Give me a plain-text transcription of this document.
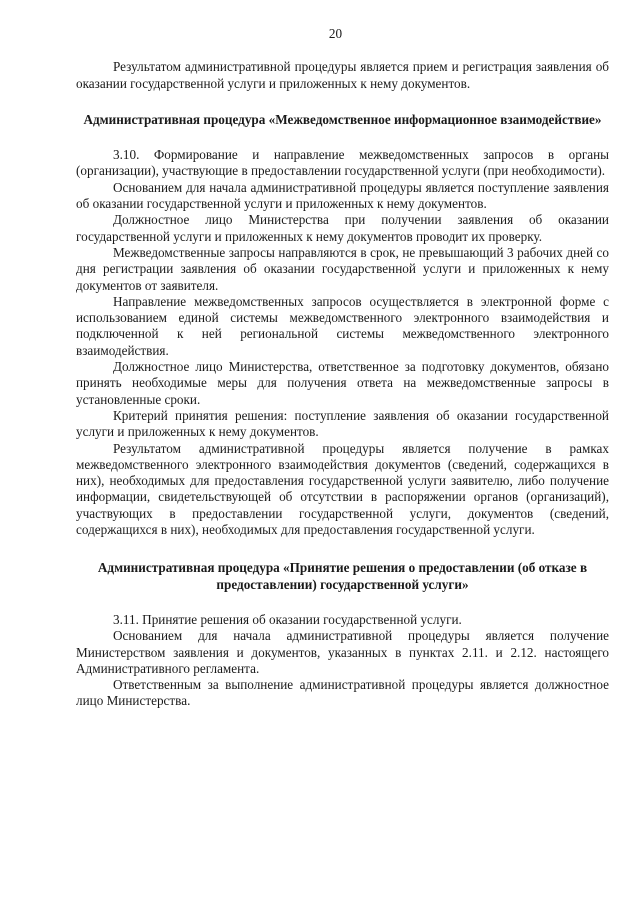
20

Результатом административной процедуры является прием и регистрация заявления об оказании государственной услуги и приложенных к нему документов.

Административная процедура «Межведомственное информационное взаимодействие»

3.10. Формирование и направление межведомственных запросов в органы (организации), участвующие в предоставлении государственной услуги (при необходимости).

Основанием для начала административной процедуры является поступление заявления об оказании государственной услуги и приложенных к нему документов.

Должностное лицо Министерства при получении заявления об оказании государственной услуги и приложенных к нему документов проводит их проверку.

Межведомственные запросы направляются в срок, не превышающий 3 рабочих дней со дня регистрации заявления об оказании государственной услуги и приложенных к нему документов от заявителя.

Направление межведомственных запросов осуществляется в электронной форме с использованием единой системы межведомственного электронного взаимодействия и подключенной к ней региональной системы межведомственного электронного взаимодействия.

Должностное лицо Министерства, ответственное за подготовку документов, обязано принять необходимые меры для получения ответа на межведомственные запросы в установленные сроки.

Критерий принятия решения: поступление заявления об оказании государственной услуги и приложенных к нему документов.

Результатом административной процедуры является получение в рамках межведомственного электронного взаимодействия документов (сведений, содержащихся в них), необходимых для предоставления государственной услуги заявителю, либо получение информации, свидетельствующей об отсутствии в распоряжении органов (организаций), участвующих в предоставлении государственной услуги, документов (сведений, содержащихся в них), необходимых для предоставления государственной услуги.

Административная процедура «Принятие решения о предоставлении (об отказе в предоставлении) государственной услуги»

3.11. Принятие решения об оказании государственной услуги.

Основанием для начала административной процедуры является получение Министерством заявления и документов, указанных в пунктах 2.11. и 2.12. настоящего Административного регламента.

Ответственным за выполнение административной процедуры является должностное лицо Министерства.
